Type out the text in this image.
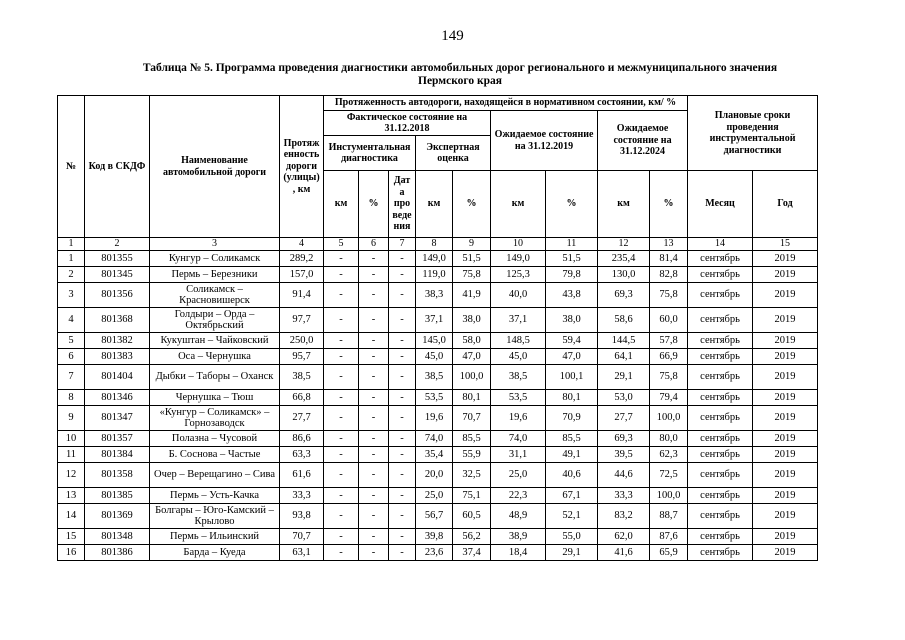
149
Таблица № 5. Программа проведения диагностики автомобильных дорог регионального и межмуниципального значения
Пермского края
№	Код в СКДФ	Наименование автомобильной дороги	Протяж енность дороги (улицы) , км	Протяженность автодороги, находящейся в нормативном состоянии, км/ %									Плановые сроки проведения инструментальной диагностики	
				Фактическое состояние на 31.12.2018					Ожидаемое состояние на 31.12.2019		Ожидаемое состояние на 31.12.2024			
				Инстументальная диагностика			Экспертная оценка							
				км	%	Дат а про веде ния	км	%	км	%	км	%	Месяц	Год
1	2	3	4	5	6	7	8	9	10	11	12	13	14	15
1	801355	Кунгур – Соликамск	289,2	-	-	-	149,0	51,5	149,0	51,5	235,4	81,4	сентябрь	2019
2	801345	Пермь – Березники	157,0	-	-	-	119,0	75,8	125,3	79,8	130,0	82,8	сентябрь	2019
3	801356	Соликамск – Красновишерск	91,4	-	-	-	38,3	41,9	40,0	43,8	69,3	75,8	сентябрь	2019
4	801368	Голдыри – Орда – Октябрьский	97,7	-	-	-	37,1	38,0	37,1	38,0	58,6	60,0	сентябрь	2019
5	801382	Кукуштан – Чайковский	250,0	-	-	-	145,0	58,0	148,5	59,4	144,5	57,8	сентябрь	2019
6	801383	Оса – Чернушка	95,7	-	-	-	45,0	47,0	45,0	47,0	64,1	66,9	сентябрь	2019
7	801404	Дыбки – Таборы – Оханск	38,5	-	-	-	38,5	100,0	38,5	100,1	29,1	75,8	сентябрь	2019
8	801346	Чернушка – Тюш	66,8	-	-	-	53,5	80,1	53,5	80,1	53,0	79,4	сентябрь	2019
9	801347	«Кунгур – Соликамск» – Горнозаводск	27,7	-	-	-	19,6	70,7	19,6	70,9	27,7	100,0	сентябрь	2019
10	801357	Полазна – Чусовой	86,6	-	-	-	74,0	85,5	74,0	85,5	69,3	80,0	сентябрь	2019
11	801384	Б. Соснова – Частые	63,3	-	-	-	35,4	55,9	31,1	49,1	39,5	62,3	сентябрь	2019
12	801358	Очер – Верещагино – Сива	61,6	-	-	-	20,0	32,5	25,0	40,6	44,6	72,5	сентябрь	2019
13	801385	Пермь – Усть-Качка	33,3	-	-	-	25,0	75,1	22,3	67,1	33,3	100,0	сентябрь	2019
14	801369	Болгары – Юго-Камский – Крылово	93,8	-	-	-	56,7	60,5	48,9	52,1	83,2	88,7	сентябрь	2019
15	801348	Пермь – Ильинский	70,7	-	-	-	39,8	56,2	38,9	55,0	62,0	87,6	сентябрь	2019
16	801386	Барда – Куеда	63,1	-	-	-	23,6	37,4	18,4	29,1	41,6	65,9	сентябрь	2019
